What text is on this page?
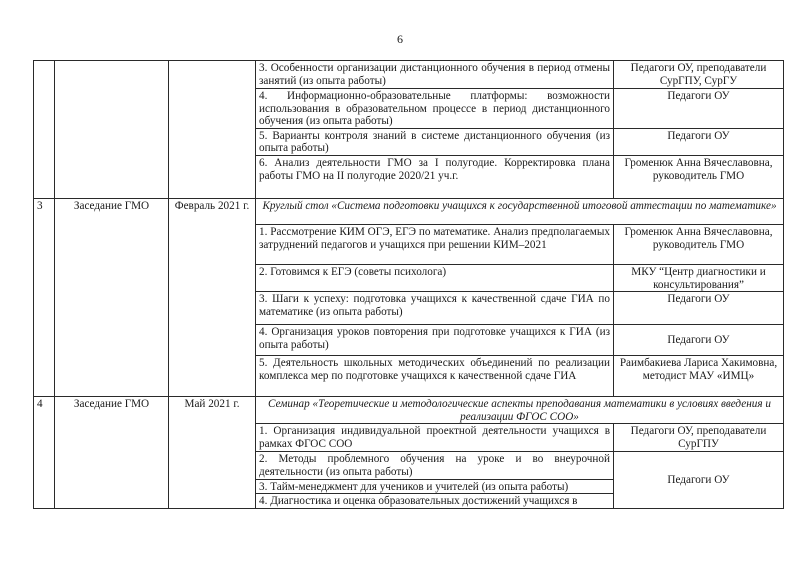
6
			3. Особенности организации дистанционного обучения в период отмены занятий (из опыта работы)	Педагоги ОУ, преподаватели СурГПУ, СурГУ
			4. Информационно-образовательные платформы: возможности использования в образовательном процессе в период дистанционного обучения (из опыта работы)	Педагоги ОУ
			5. Варианты контроля знаний в системе дистанционного обучения (из опыта работы)	Педагоги ОУ
			6. Анализ деятельности ГМО за I полугодие. Корректировка плана работы ГМО на II полугодие 2020/21 уч.г.	Громенюк Анна Вячеславовна, руководитель ГМО
3	Заседание ГМО	Февраль 2021 г.	Круглый стол «Система подготовки учащихся к государственной итоговой аттестации по математике»	
			1. Рассмотрение КИМ ОГЭ, ЕГЭ по математике. Анализ предполагаемых затруднений педагогов и учащихся при решении КИМ–2021	Громенюк Анна Вячеславовна, руководитель ГМО
			2. Готовимся к ЕГЭ (советы психолога)	МКУ “Центр диагностики и консультирования”
			3. Шаги к успеху: подготовка учащихся к качественной сдаче ГИА по математике (из опыта работы)	Педагоги ОУ
			4. Организация уроков повторения при подготовке учащихся к ГИА (из опыта работы)	Педагоги ОУ
			5. Деятельность школьных методических объединений по реализации комплекса мер по подготовке учащихся к качественной сдаче ГИА	Раимбакиева Лариса Хакимовна, методист МАУ «ИМЦ»
4	Заседание ГМО	Май 2021 г.	Семинар «Теоретические и методологические аспекты преподавания математики в условиях введения и реализации ФГОС СОО»	
			1. Организация индивидуальной проектной деятельности учащихся в рамках ФГОС СОО	Педагоги ОУ, преподаватели СурГПУ
			2. Методы проблемного обучения на уроке и во внеурочной деятельности (из опыта работы)	Педагоги ОУ
			3. Тайм-менеджмент для учеников и учителей (из опыта работы)	
			4. Диагностика и оценка образовательных достижений учащихся в	
